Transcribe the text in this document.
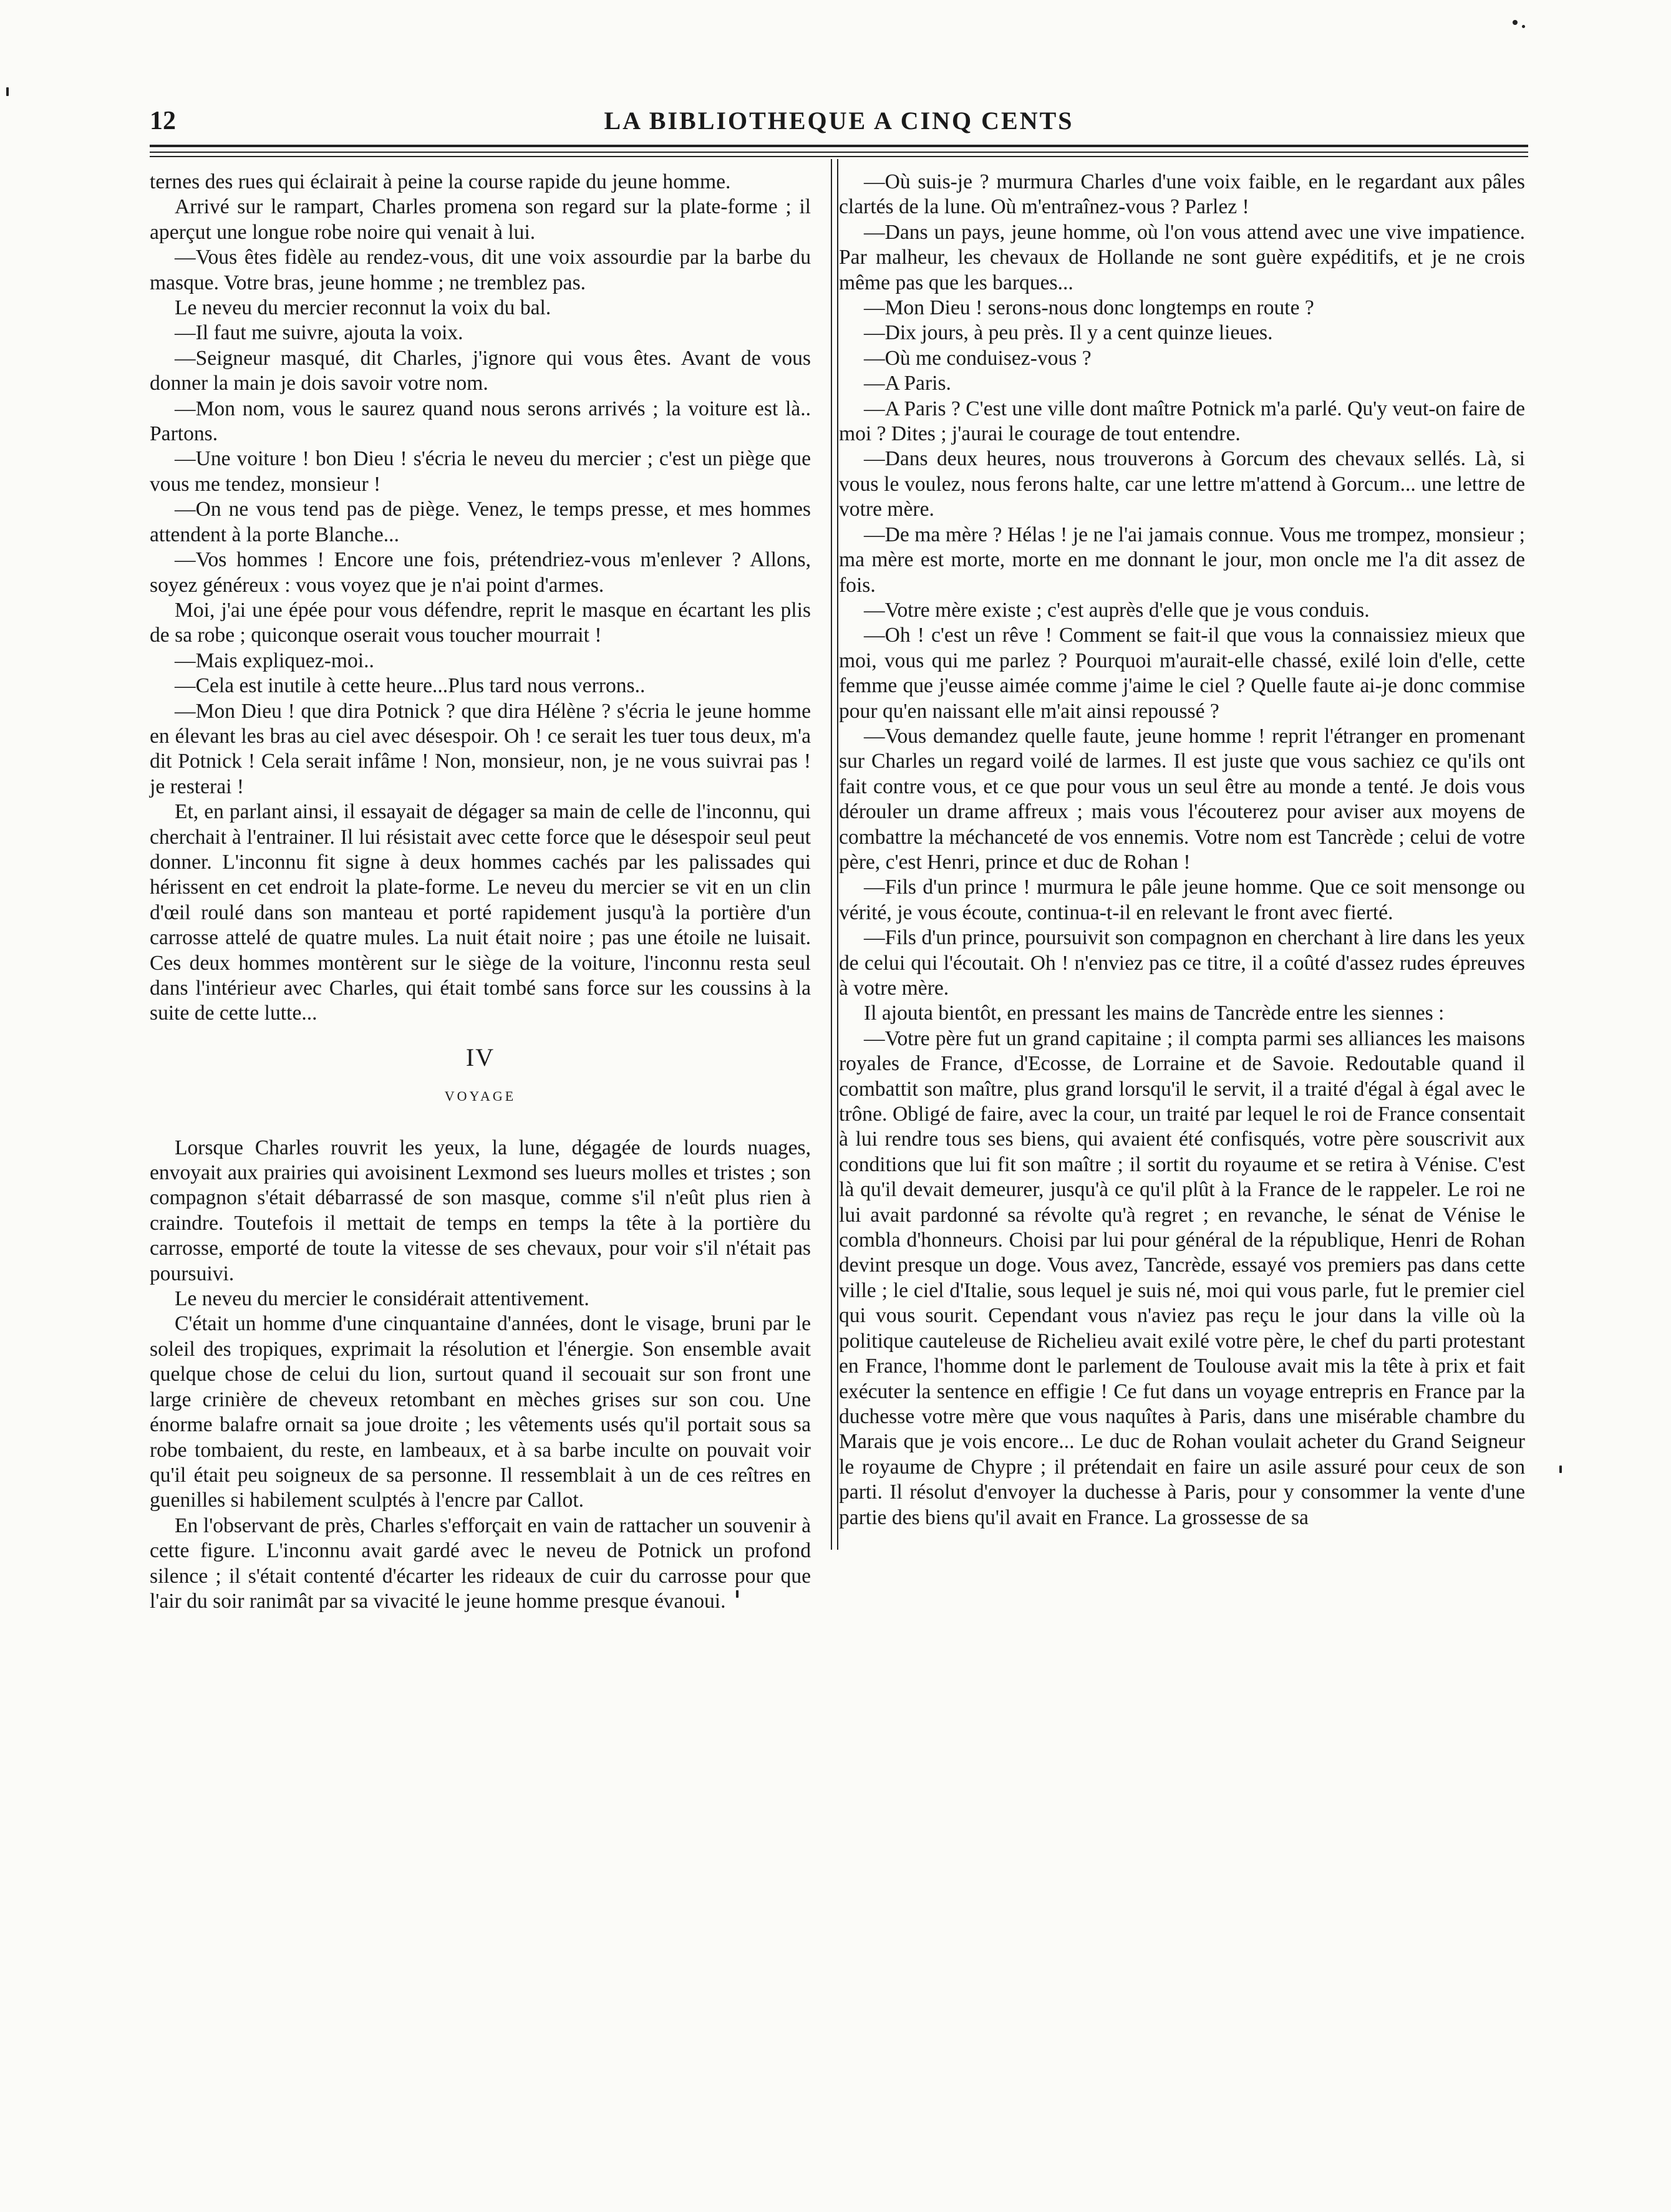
12	LA BIBLIOTHEQUE A CINQ CENTS

ternes des rues qui éclairait à peine la course rapide du jeune homme.

Arrivé sur le rampart, Charles promena son regard sur la plate-forme ; il aperçut une longue robe noire qui venait à lui.

—Vous êtes fidèle au rendez-vous, dit une voix assourdie par la barbe du masque. Votre bras, jeune homme ; ne tremblez pas.

Le neveu du mercier reconnut la voix du bal.

—Il faut me suivre, ajouta la voix.

—Seigneur masqué, dit Charles, j'ignore qui vous êtes. Avant de vous donner la main je dois savoir votre nom.

—Mon nom, vous le saurez quand nous serons arrivés ; la voiture est là.. Partons.

—Une voiture ! bon Dieu ! s'écria le neveu du mercier ; c'est un piège que vous me tendez, monsieur !

—On ne vous tend pas de piège. Venez, le temps presse, et mes hommes attendent à la porte Blanche...

—Vos hommes ! Encore une fois, prétendriez-vous m'enlever ? Allons, soyez généreux : vous voyez que je n'ai point d'armes.

Moi, j'ai une épée pour vous défendre, reprit le masque en écartant les plis de sa robe ; quiconque oserait vous toucher mourrait !

—Mais expliquez-moi..

—Cela est inutile à cette heure...Plus tard nous verrons..

—Mon Dieu ! que dira Potnick ? que dira Hélène ? s'écria le jeune homme en élevant les bras au ciel avec désespoir. Oh ! ce serait les tuer tous deux, m'a dit Potnick ! Cela serait infâme ! Non, monsieur, non, je ne vous suivrai pas ! je resterai !

Et, en parlant ainsi, il essayait de dégager sa main de celle de l'inconnu, qui cherchait à l'entrainer. Il lui résistait avec cette force que le désespoir seul peut donner. L'inconnu fit signe à deux hommes cachés par les palissades qui hérissent en cet endroit la plate-forme. Le neveu du mercier se vit en un clin d'œil roulé dans son manteau et porté rapidement jusqu'à la portière d'un carrosse attelé de quatre mules. La nuit était noire ; pas une étoile ne luisait. Ces deux hommes montèrent sur le siège de la voiture, l'inconnu resta seul dans l'intérieur avec Charles, qui était tombé sans force sur les coussins à la suite de cette lutte...

IV
VOYAGE

Lorsque Charles rouvrit les yeux, la lune, dégagée de lourds nuages, envoyait aux prairies qui avoisinent Lexmond ses lueurs molles et tristes ; son compagnon s'était débarrassé de son masque, comme s'il n'eût plus rien à craindre. Toutefois il mettait de temps en temps la tête à la portière du carrosse, emporté de toute la vitesse de ses chevaux, pour voir s'il n'était pas poursuivi.

Le neveu du mercier le considérait attentivement.

C'était un homme d'une cinquantaine d'années, dont le visage, bruni par le soleil des tropiques, exprimait la résolution et l'énergie. Son ensemble avait quelque chose de celui du lion, surtout quand il secouait sur son front une large crinière de cheveux retombant en mèches grises sur son cou. Une énorme balafre ornait sa joue droite ; les vêtements usés qu'il portait sous sa robe tombaient, du reste, en lambeaux, et à sa barbe inculte on pouvait voir qu'il était peu soigneux de sa personne. Il ressemblait à un de ces reîtres en guenilles si habilement sculptés à l'encre par Callot.

En l'observant de près, Charles s'efforçait en vain de rattacher un souvenir à cette figure. L'inconnu avait gardé avec le neveu de Potnick un profond silence ; il s'était contenté d'écarter les rideaux de cuir du carrosse pour que l'air du soir ranimât par sa vivacité le jeune homme presque évanoui.

—Où suis-je ? murmura Charles d'une voix faible, en le regardant aux pâles clartés de la lune. Où m'entraînez-vous ? Parlez !

—Dans un pays, jeune homme, où l'on vous attend avec une vive impatience. Par malheur, les chevaux de Hollande ne sont guère expéditifs, et je ne crois même pas que les barques...

—Mon Dieu ! serons-nous donc longtemps en route ?

—Dix jours, à peu près. Il y a cent quinze lieues.

—Où me conduisez-vous ?

—A Paris.

—A Paris ? C'est une ville dont maître Potnick m'a parlé. Qu'y veut-on faire de moi ? Dites ; j'aurai le courage de tout entendre.

—Dans deux heures, nous trouverons à Gorcum des chevaux sellés. Là, si vous le voulez, nous ferons halte, car une lettre m'attend à Gorcum... une lettre de votre mère.

—De ma mère ? Hélas ! je ne l'ai jamais connue. Vous me trompez, monsieur ; ma mère est morte, morte en me donnant le jour, mon oncle me l'a dit assez de fois.

—Votre mère existe ; c'est auprès d'elle que je vous conduis.

—Oh ! c'est un rêve ! Comment se fait-il que vous la connaissiez mieux que moi, vous qui me parlez ? Pourquoi m'aurait-elle chassé, exilé loin d'elle, cette femme que j'eusse aimée comme j'aime le ciel ? Quelle faute ai-je donc commise pour qu'en naissant elle m'ait ainsi repoussé ?

—Vous demandez quelle faute, jeune homme ! reprit l'étranger en promenant sur Charles un regard voilé de larmes. Il est juste que vous sachiez ce qu'ils ont fait contre vous, et ce que pour vous un seul être au monde a tenté. Je dois vous dérouler un drame affreux ; mais vous l'écouterez pour aviser aux moyens de combattre la méchanceté de vos ennemis. Votre nom est Tancrède ; celui de votre père, c'est Henri, prince et duc de Rohan !

—Fils d'un prince ! murmura le pâle jeune homme. Que ce soit mensonge ou vérité, je vous écoute, continua-t-il en relevant le front avec fierté.

—Fils d'un prince, poursuivit son compagnon en cherchant à lire dans les yeux de celui qui l'écoutait. Oh ! n'enviez pas ce titre, il a coûté d'assez rudes épreuves à votre mère.

Il ajouta bientôt, en pressant les mains de Tancrède entre les siennes :

—Votre père fut un grand capitaine ; il compta parmi ses alliances les maisons royales de France, d'Ecosse, de Lorraine et de Savoie. Redoutable quand il combattit son maître, plus grand lorsqu'il le servit, il a traité d'égal à égal avec le trône. Obligé de faire, avec la cour, un traité par lequel le roi de France consentait à lui rendre tous ses biens, qui avaient été confisqués, votre père souscrivit aux conditions que lui fit son maître ; il sortit du royaume et se retira à Vénise. C'est là qu'il devait demeurer, jusqu'à ce qu'il plût à la France de le rappeler. Le roi ne lui avait pardonné sa révolte qu'à regret ; en revanche, le sénat de Vénise le combla d'honneurs. Choisi par lui pour général de la république, Henri de Rohan devint presque un doge. Vous avez, Tancrède, essayé vos premiers pas dans cette ville ; le ciel d'Italie, sous lequel je suis né, moi qui vous parle, fut le premier ciel qui vous sourit. Cependant vous n'aviez pas reçu le jour dans la ville où la politique cauteleuse de Richelieu avait exilé votre père, le chef du parti protestant en France, l'homme dont le parlement de Toulouse avait mis la tête à prix et fait exécuter la sentence en effigie ! Ce fut dans un voyage entrepris en France par la duchesse votre mère que vous naquîtes à Paris, dans une misérable chambre du Marais que je vois encore... Le duc de Rohan voulait acheter du Grand Seigneur le royaume de Chypre ; il prétendait en faire un asile assuré pour ceux de son parti. Il résolut d'envoyer la duchesse à Paris, pour y consommer la vente d'une partie des biens qu'il avait en France. La grossesse de sa
